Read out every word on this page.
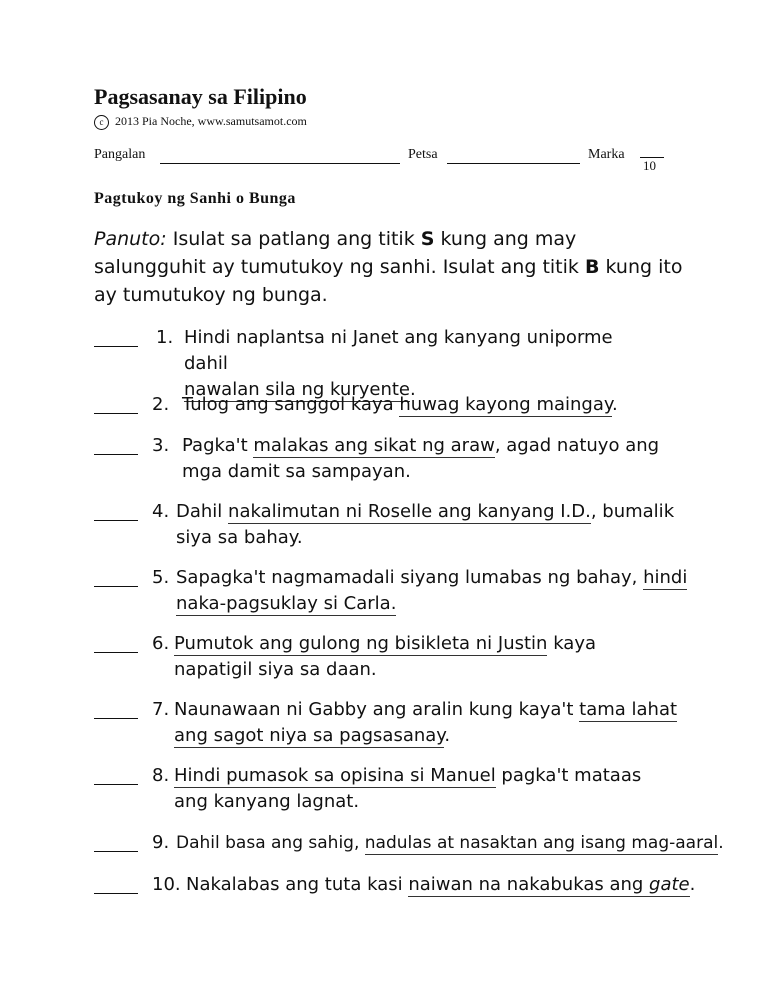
Pagsasanay sa Filipino
c 2013 Pia Noche, www.samutsamot.com
Pangalan	Petsa	Marka
10
Pagtukoy ng Sanhi o Bunga
Panuto: Isulat sa patlang ang titik S kung ang may salungguhit ay tumutukoy ng sanhi. Isulat ang titik B kung ito ay tumutukoy ng bunga.
1. Hindi naplantsa ni Janet ang kanyang uniporme dahil
nawalan sila ng kuryente.
2. Tulog ang sanggol kaya huwag kayong maingay.
3. Pagka't malakas ang sikat ng araw, agad natuyo ang mga damit sa sampayan.
4. Dahil nakalimutan ni Roselle ang kanyang I.D., bumalik siya sa bahay.
5. Sapagka't nagmamadali siyang lumabas ng bahay, hindi naka-pagsuklay si Carla.
6. Pumutok ang gulong ng bisikleta ni Justin kaya napatigil siya sa daan.
7. Naunawaan ni Gabby ang aralin kung kaya't tama lahat ang sagot niya sa pagsasanay.
8. Hindi pumasok sa opisina si Manuel pagka't mataas ang kanyang lagnat.
9. Dahil basa ang sahig, nadulas at nasaktan ang isang mag-aaral.
10. Nakalabas ang tuta kasi naiwan na nakabukas ang gate.
